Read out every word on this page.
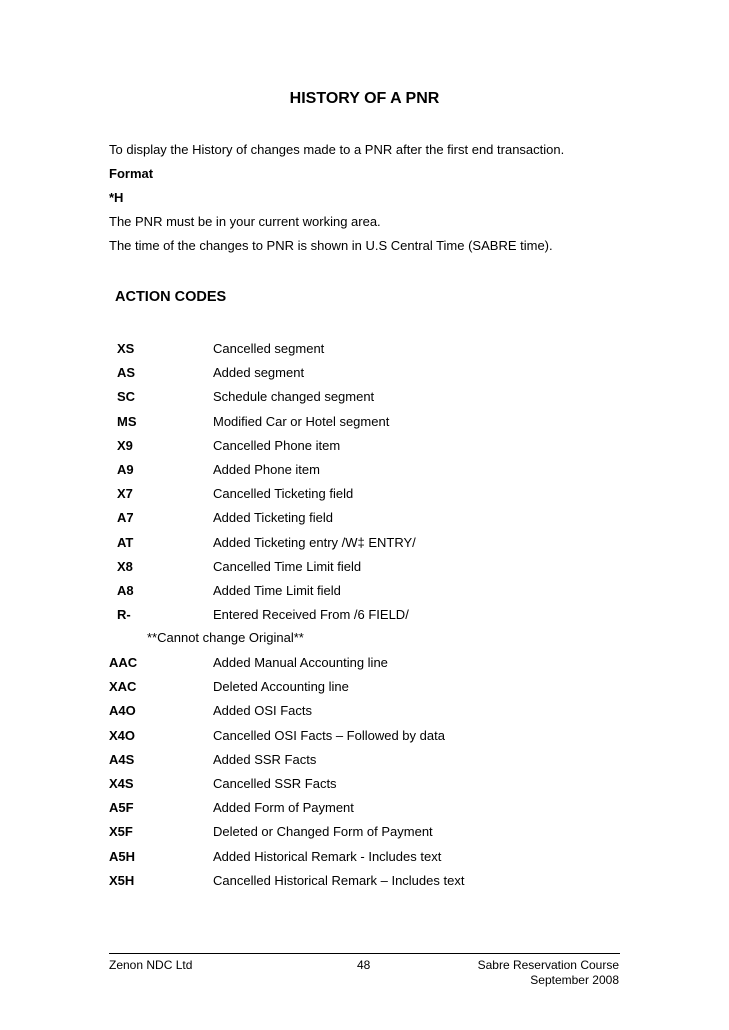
HISTORY OF A PNR
To display the History of changes made to a PNR after the first end transaction.
Format
*H
The PNR must be in your current working area.
The time of the changes to PNR is shown in U.S Central Time (SABRE time).
ACTION CODES
XS	Cancelled segment
AS	Added segment
SC	Schedule changed segment
MS	Modified Car or Hotel segment
X9	Cancelled Phone item
A9	Added Phone item
X7	Cancelled Ticketing field
A7	Added Ticketing field
AT	Added Ticketing entry /W‡ ENTRY/
X8	Cancelled Time Limit field
A8	Added Time Limit field
R-	Entered Received From /6 FIELD/
**Cannot change Original**
AAC	Added Manual Accounting line
XAC	Deleted Accounting line
A4O	Added OSI Facts
X4O	Cancelled OSI Facts – Followed by data
A4S	Added SSR Facts
X4S	Cancelled SSR Facts
A5F	Added Form of Payment
X5F	Deleted or Changed Form of Payment
A5H	Added Historical Remark - Includes text
X5H	Cancelled Historical Remark – Includes text
Zenon NDC Ltd	48	Sabre Reservation Course
September 2008
